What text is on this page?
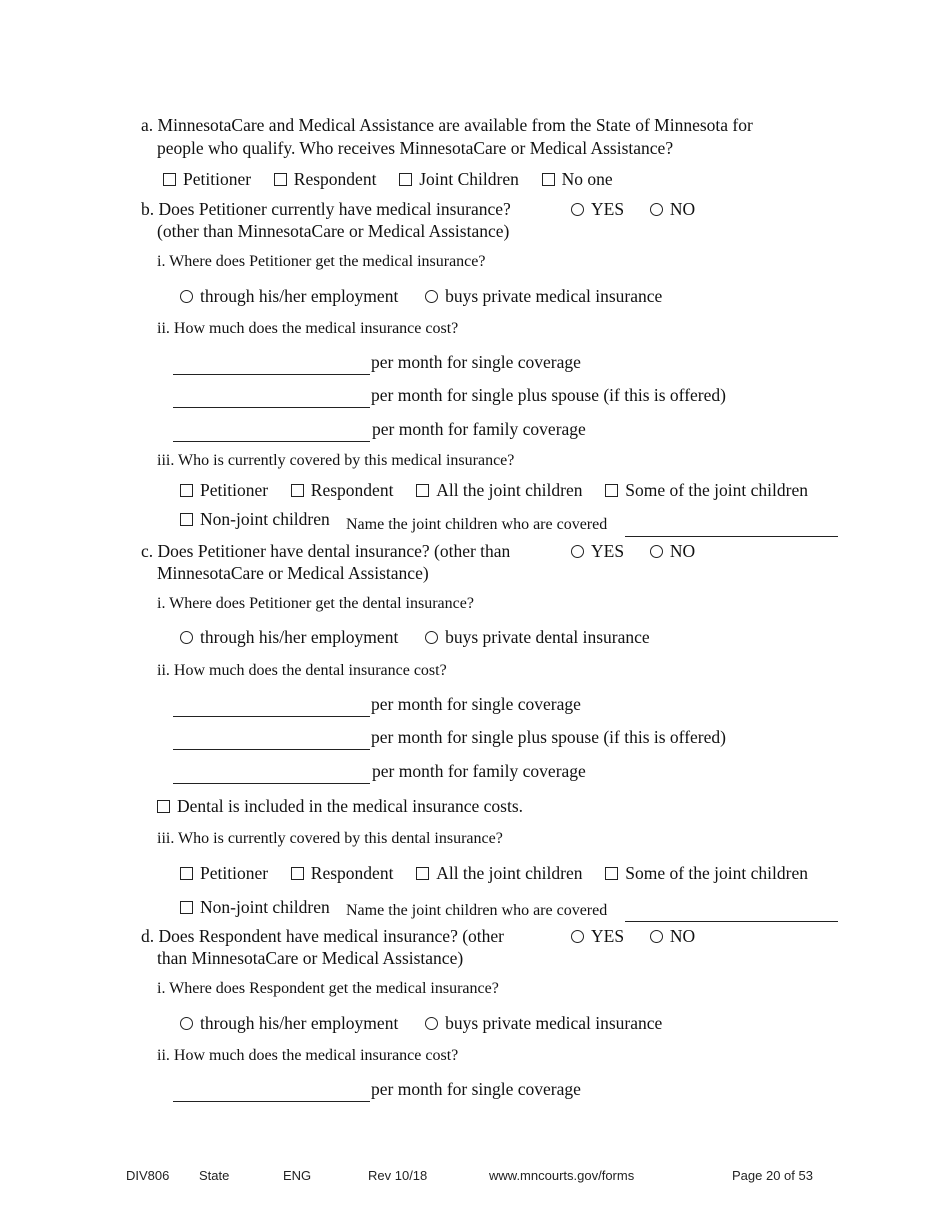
a. MinnesotaCare and Medical Assistance are available from the State of Minnesota for
people who qualify. Who receives MinnesotaCare or Medical Assistance?
Petitioner Respondent Joint Children No one
b. Does Petitioner currently have medical insurance?
(other than MinnesotaCare or Medical Assistance)
YES	NO
i. Where does Petitioner get the medical insurance?
through his/her employment	buys private medical insurance
ii. How much does the medical insurance cost?
per month for single coverage
per month for single plus spouse (if this is offered)
per month for family coverage
iii. Who is currently covered by this medical insurance?
Petitioner Respondent All the joint children Some of the joint children
Non-joint children Name the joint children who are covered
c. Does Petitioner have dental insurance? (other than
MinnesotaCare or Medical Assistance)
YES	NO
i. Where does Petitioner get the dental insurance?
through his/her employment	buys private dental insurance
ii. How much does the dental insurance cost?
per month for single coverage
per month for single plus spouse (if this is offered)
per month for family coverage
Dental is included in the medical insurance costs.
iii. Who is currently covered by this dental insurance?
Petitioner Respondent All the joint children Some of the joint children
Non-joint children Name the joint children who are covered
d. Does Respondent have medical insurance? (other
than MinnesotaCare or Medical Assistance)
YES	NO
i. Where does Respondent get the medical insurance?
through his/her employment	buys private medical insurance
ii. How much does the medical insurance cost?
per month for single coverage
DIV806 State	ENG	Rev 10/18	www.mncourts.gov/forms	Page 20 of 53
